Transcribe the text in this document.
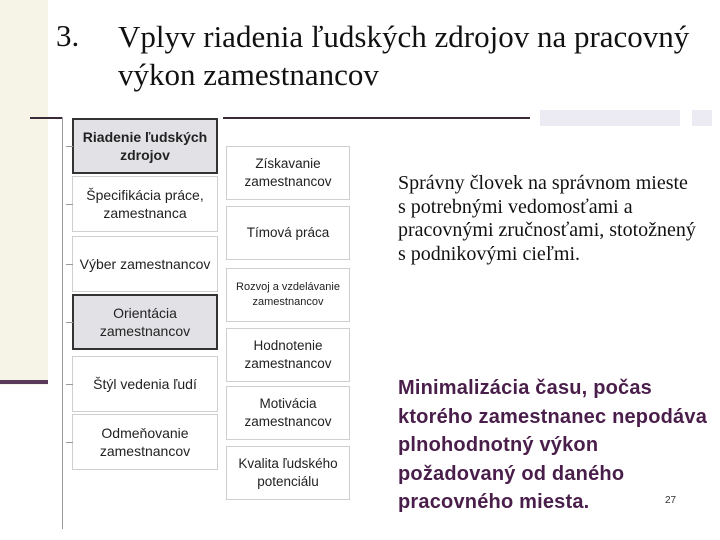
3. Vplyv riadenia ľudských zdrojov na pracovný výkon zamestnancov
Riadenie ľudských zdrojov
Špecifikácia práce, zamestnanca
Výber zamestnancov
Orientácia zamestnancov
Štýl vedenia ľudí
Odmeňovanie zamestnancov
Získavanie zamestnancov
Tímová práca
Rozvoj a vzdelávanie zamestnancov
Hodnotenie zamestnancov
Motivácia zamestnancov
Kvalita ľudského potenciálu
Správny človek na správnom mieste s potrebnými vedomosťami a pracovnými zručnosťami, stotožnený s podnikovými cieľmi.
Minimalizácia času, počas ktorého zamestnanec nepodáva plnohodnotný výkon požadovaný od daného pracovného miesta.	27
